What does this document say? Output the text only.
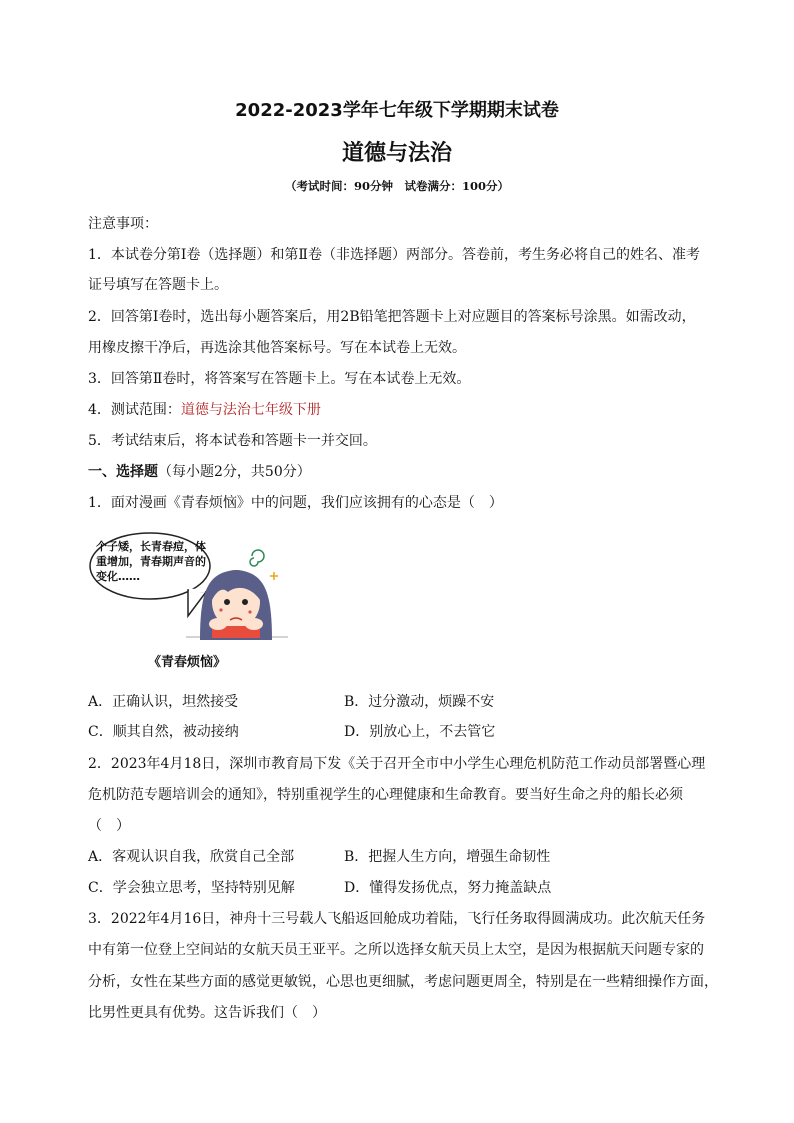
2022-2023学年七年级下学期期末试卷
道德与法治
（考试时间：90分钟　试卷满分：100分）
注意事项：
1．本试卷分第Ⅰ卷（选择题）和第Ⅱ卷（非选择题）两部分。答卷前，考生务必将自己的姓名、准考
证号填写在答题卡上。
2．回答第Ⅰ卷时，选出每小题答案后，用2B铅笔把答题卡上对应题目的答案标号涂黑。如需改动，
用橡皮擦干净后，再选涂其他答案标号。写在本试卷上无效。
3．回答第Ⅱ卷时，将答案写在答题卡上。写在本试卷上无效。
4．测试范围：道德与法治七年级下册
5．考试结束后，将本试卷和答题卡一并交回。
一、选择题（每小题2分，共50分）
1．面对漫画《青春烦恼》中的问题，我们应该拥有的心态是（　）
个子矮，长青春痘，体重增加，青春期声音的变化……
《青春烦恼》
A．正确认识，坦然接受	B．过分激动，烦躁不安
C．顺其自然，被动接纳	D．别放心上，不去管它
2．2023年4月18日，深圳市教育局下发《关于召开全市中小学生心理危机防范工作动员部署暨心理
危机防范专题培训会的通知》，特别重视学生的心理健康和生命教育。要当好生命之舟的船长必须
（　）
A．客观认识自我，欣赏自己全部	B．把握人生方向，增强生命韧性
C．学会独立思考，坚持特别见解	D．懂得发扬优点，努力掩盖缺点
3．2022年4月16日，神舟十三号载人飞船返回舱成功着陆，飞行任务取得圆满成功。此次航天任务
中有第一位登上空间站的女航天员王亚平。之所以选择女航天员上太空，是因为根据航天问题专家的
分析，女性在某些方面的感觉更敏锐，心思也更细腻，考虑问题更周全，特别是在一些精细操作方面，
比男性更具有优势。这告诉我们（　）
